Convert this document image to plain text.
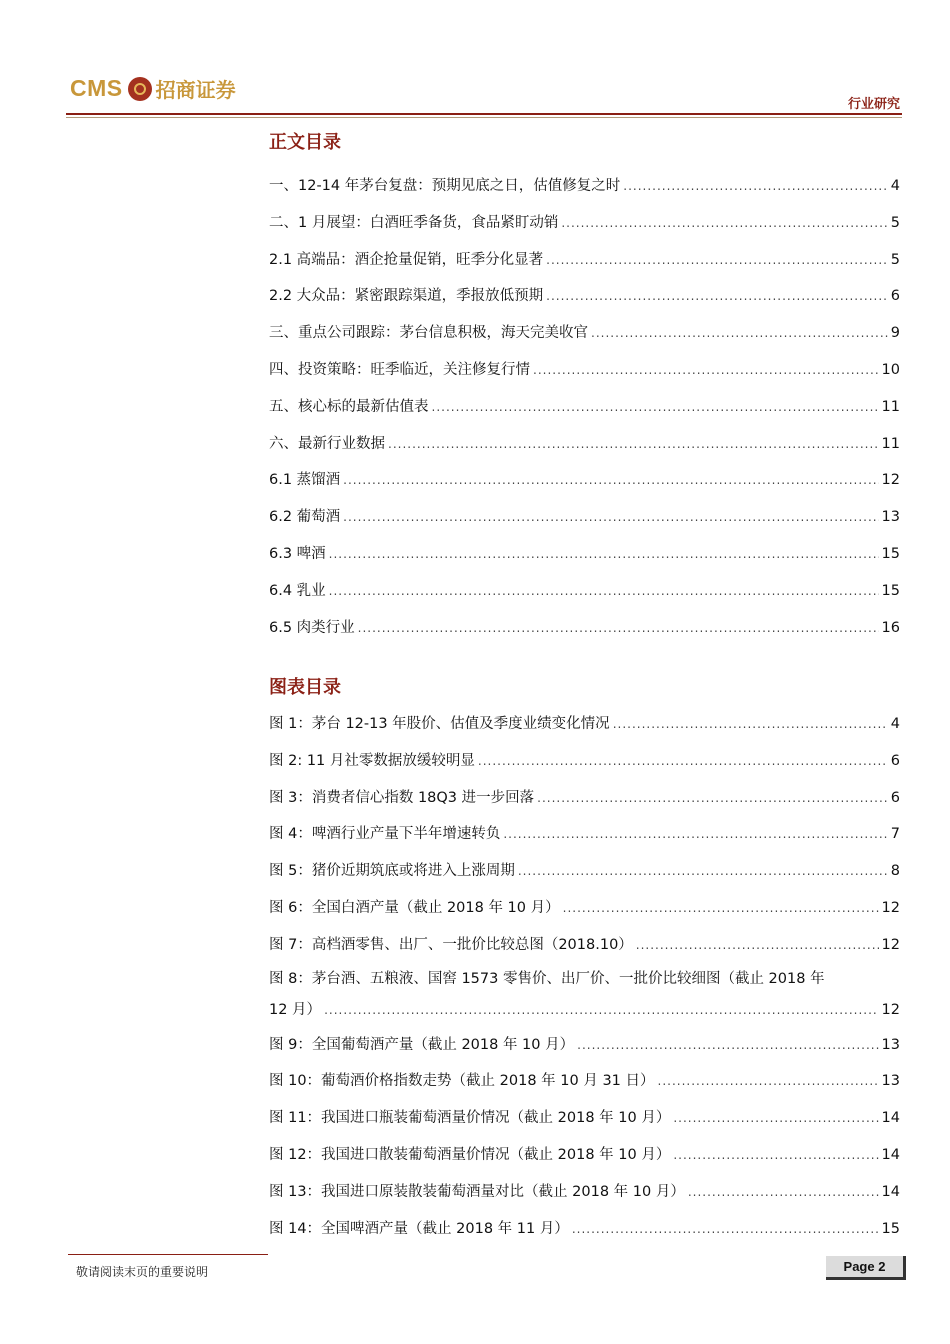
CMS 招商证券
行业研究
正文目录
一、12-14 年茅台复盘：预期见底之日，估值修复之时 .....	4
二、1 月展望：白酒旺季备货，食品紧盯动销 .....	5
2.1 高端品：酒企抢量促销，旺季分化显著 .....	5
2.2 大众品：紧密跟踪渠道，季报放低预期 .....	6
三、重点公司跟踪：茅台信息积极，海天完美收官 .....	9
四、投资策略：旺季临近，关注修复行情 .....	10
五、核心标的最新估值表 .....	11
六、最新行业数据 .....	11
6.1 蒸馏酒 .....	12
6.2 葡萄酒 .....	13
6.3 啤酒 .....	15
6.4 乳业 .....	15
6.5 肉类行业 .....	16
图表目录
图 1：茅台 12-13 年股价、估值及季度业绩变化情况 .....	4
图 2: 11 月社零数据放缓较明显 .....	6
图 3：消费者信心指数 18Q3 进一步回落 .....	6
图 4：啤酒行业产量下半年增速转负 .....	7
图 5：猪价近期筑底或将进入上涨周期 .....	8
图 6：全国白酒产量（截止 2018 年 10 月） .....	12
图 7：高档酒零售、出厂、一批价比较总图（2018.10） .....	12
图 8：茅台酒、五粮液、国窖 1573 零售价、出厂价、一批价比较细图（截止 2018 年
12 月） .....	12
图 9：全国葡萄酒产量（截止 2018 年 10 月） .....	13
图 10：葡萄酒价格指数走势（截止 2018 年 10 月 31 日） .....	13
图 11：我国进口瓶装葡萄酒量价情况（截止 2018 年 10 月） .....	14
图 12：我国进口散装葡萄酒量价情况（截止 2018 年 10 月） .....	14
图 13：我国进口原装散装葡萄酒量对比（截止 2018 年 10 月） .....	14
图 14：全国啤酒产量（截止 2018 年 11 月） .....	15
敬请阅读末页的重要说明	Page 2
